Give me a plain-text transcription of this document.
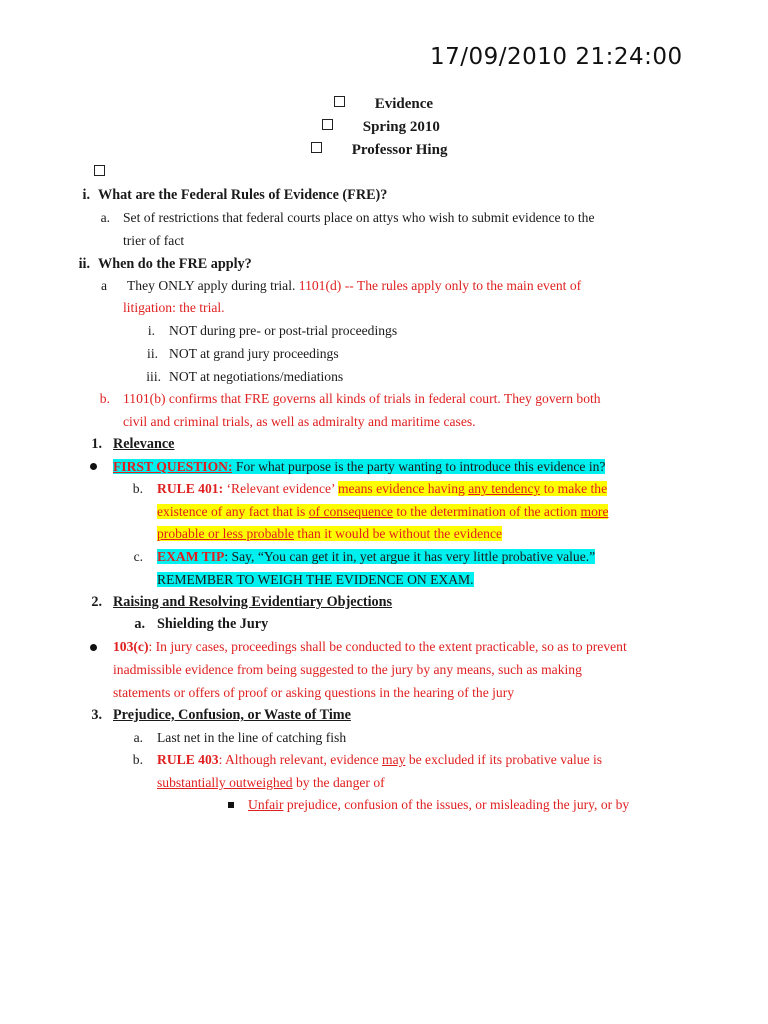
17/09/2010 21:24:00
Evidence
Spring 2010
Professor Hing
i. What are the Federal Rules of Evidence (FRE)?
a. Set of restrictions that federal courts place on attys who wish to submit evidence to the
trier of fact
ii. When do the FRE apply?
a They ONLY apply during trial. 1101(d) -- The rules apply only to the main event of
litigation: the trial.
i. NOT during pre- or post-trial proceedings
ii. NOT at grand jury proceedings
iii. NOT at negotiations/mediations
b. 1101(b) confirms that FRE governs all kinds of trials in federal court. They govern both
civil and criminal trials, as well as admiralty and maritime cases.
1. Relevance
FIRST QUESTION: For what purpose is the party wanting to introduce this evidence in?
b. RULE 401: ‘Relevant evidence’ means evidence having any tendency to make the
existence of any fact that is of consequence to the determination of the action more
probable or less probable than it would be without the evidence
c. EXAM TIP: Say, “You can get it in, yet argue it has very little probative value.”
REMEMBER TO WEIGH THE EVIDENCE ON EXAM.
2. Raising and Resolving Evidentiary Objections
a. Shielding the Jury
103(c): In jury cases, proceedings shall be conducted to the extent practicable, so as to prevent
inadmissible evidence from being suggested to the jury by any means, such as making
statements or offers of proof or asking questions in the hearing of the jury
3. Prejudice, Confusion, or Waste of Time
a. Last net in the line of catching fish
b. RULE 403: Although relevant, evidence may be excluded if its probative value is
substantially outweighed by the danger of
Unfair prejudice, confusion of the issues, or misleading the jury, or by
